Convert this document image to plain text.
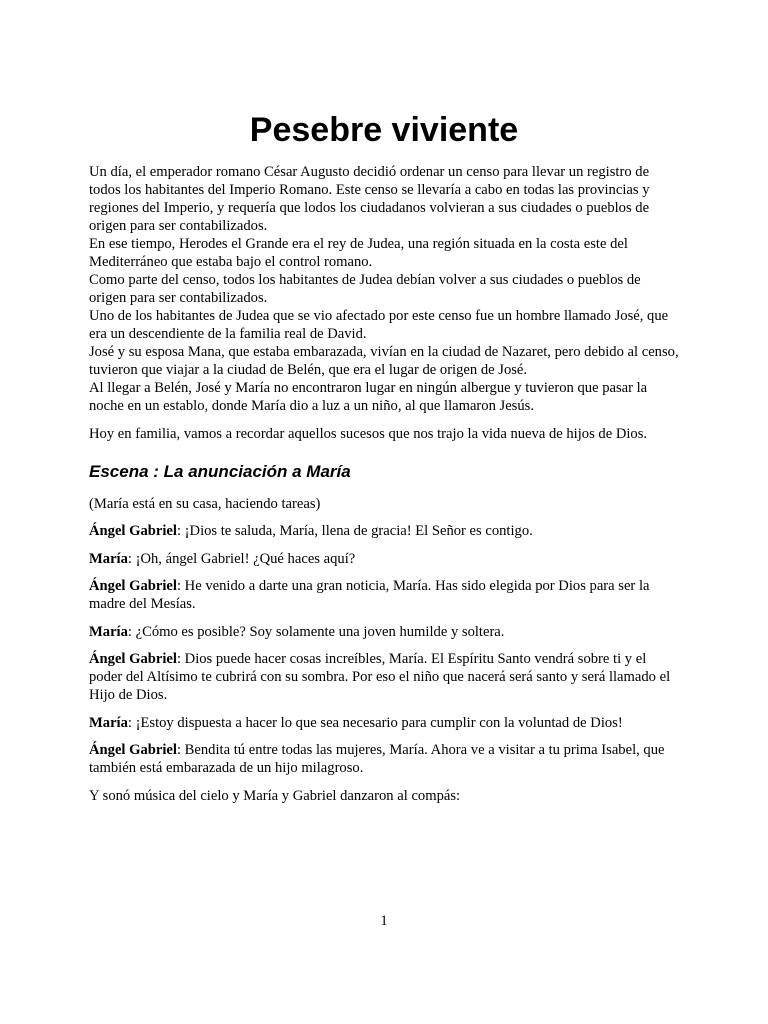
Pesebre viviente

Un día, el emperador romano César Augusto decidió ordenar un censo para llevar un registro de todos los habitantes del Imperio Romano. Este censo se llevaría a cabo en todas las provincias y regiones del Imperio, y requería que lodos los ciudadanos volvieran a sus ciudades o pueblos de origen para ser contabilizados.

En ese tiempo, Herodes el Grande era el rey de Judea, una región situada en la costa este del Mediterráneo que estaba bajo el control romano.

Como parte del censo, todos los habitantes de Judea debían volver a sus ciudades o pueblos de origen para ser contabilizados.

Uno de los habitantes de Judea que se vio afectado por este censo fue un hombre llamado José, que era un descendiente de la familia real de David.

José y su esposa Mana, que estaba embarazada, vivían en la ciudad de Nazaret, pero debido al censo, tuvieron que viajar a la ciudad de Belén, que era el lugar de origen de José.

Al llegar a Belén, José y María no encontraron lugar en ningún albergue y tuvieron que pasar la noche en un establo, donde María dio a luz a un niño, al que llamaron Jesús.

Hoy en familia, vamos a recordar aquellos sucesos que nos trajo la vida nueva de hijos de Dios.

Escena : La anunciación a María

(María está en su casa, haciendo tareas)

Ángel Gabriel: ¡Dios te saluda, María, llena de gracia! El Señor es contigo.

María: ¡Oh, ángel Gabriel! ¿Qué haces aquí?

Ángel Gabriel: He venido a darte una gran noticia, María. Has sido elegida por Dios para ser la madre del Mesías.

María: ¿Cómo es posible? Soy solamente una joven humilde y soltera.

Ángel Gabriel: Dios puede hacer cosas increíbles, María. El Espíritu Santo vendrá sobre ti y el poder del Altísimo te cubrirá con su sombra. Por eso el niño que nacerá será santo y será llamado el Hijo de Dios.

María: ¡Estoy dispuesta a hacer lo que sea necesario para cumplir con la voluntad de Dios!

Ángel Gabriel: Bendita tú entre todas las mujeres, María. Ahora ve a visitar a tu prima Isabel, que también está embarazada de un hijo milagroso.

Y sonó música del cielo y María y Gabriel danzaron al compás:

1
